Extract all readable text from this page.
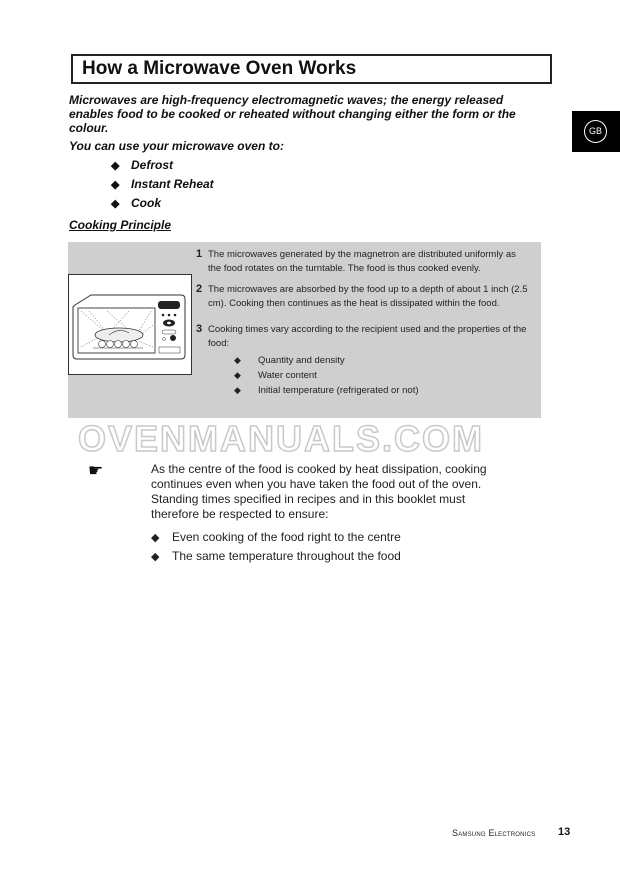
How a Microwave Oven Works
GB
Microwaves are high-frequency electromagnetic waves; the energy released enables food to be cooked or reheated without changing either the form or the colour.
You can use your microwave oven to:
◆ Defrost
◆ Instant Reheat
◆ Cook
Cooking Principle
1 The microwaves generated by the magnetron are distributed uniformly as the food rotates on the turntable. The food is thus cooked evenly.
2 The microwaves are absorbed by the food up to a depth of about 1 inch (2.5 cm). Cooking then continues as the heat is dissipated within the food.
3 Cooking times vary according to the recipient used and the properties of the food:
◆ Quantity and density
◆ Water content
◆ Initial temperature (refrigerated or not)
OVENMANUALS.COM
☛	As the centre of the food is cooked by heat dissipation, cooking continues even when you have taken the food out of the oven. Standing times specified in recipes and in this booklet must therefore be respected to ensure:
◆ Even cooking of the food right to the centre
◆ The same temperature throughout the food
Samsung Electronics 13
